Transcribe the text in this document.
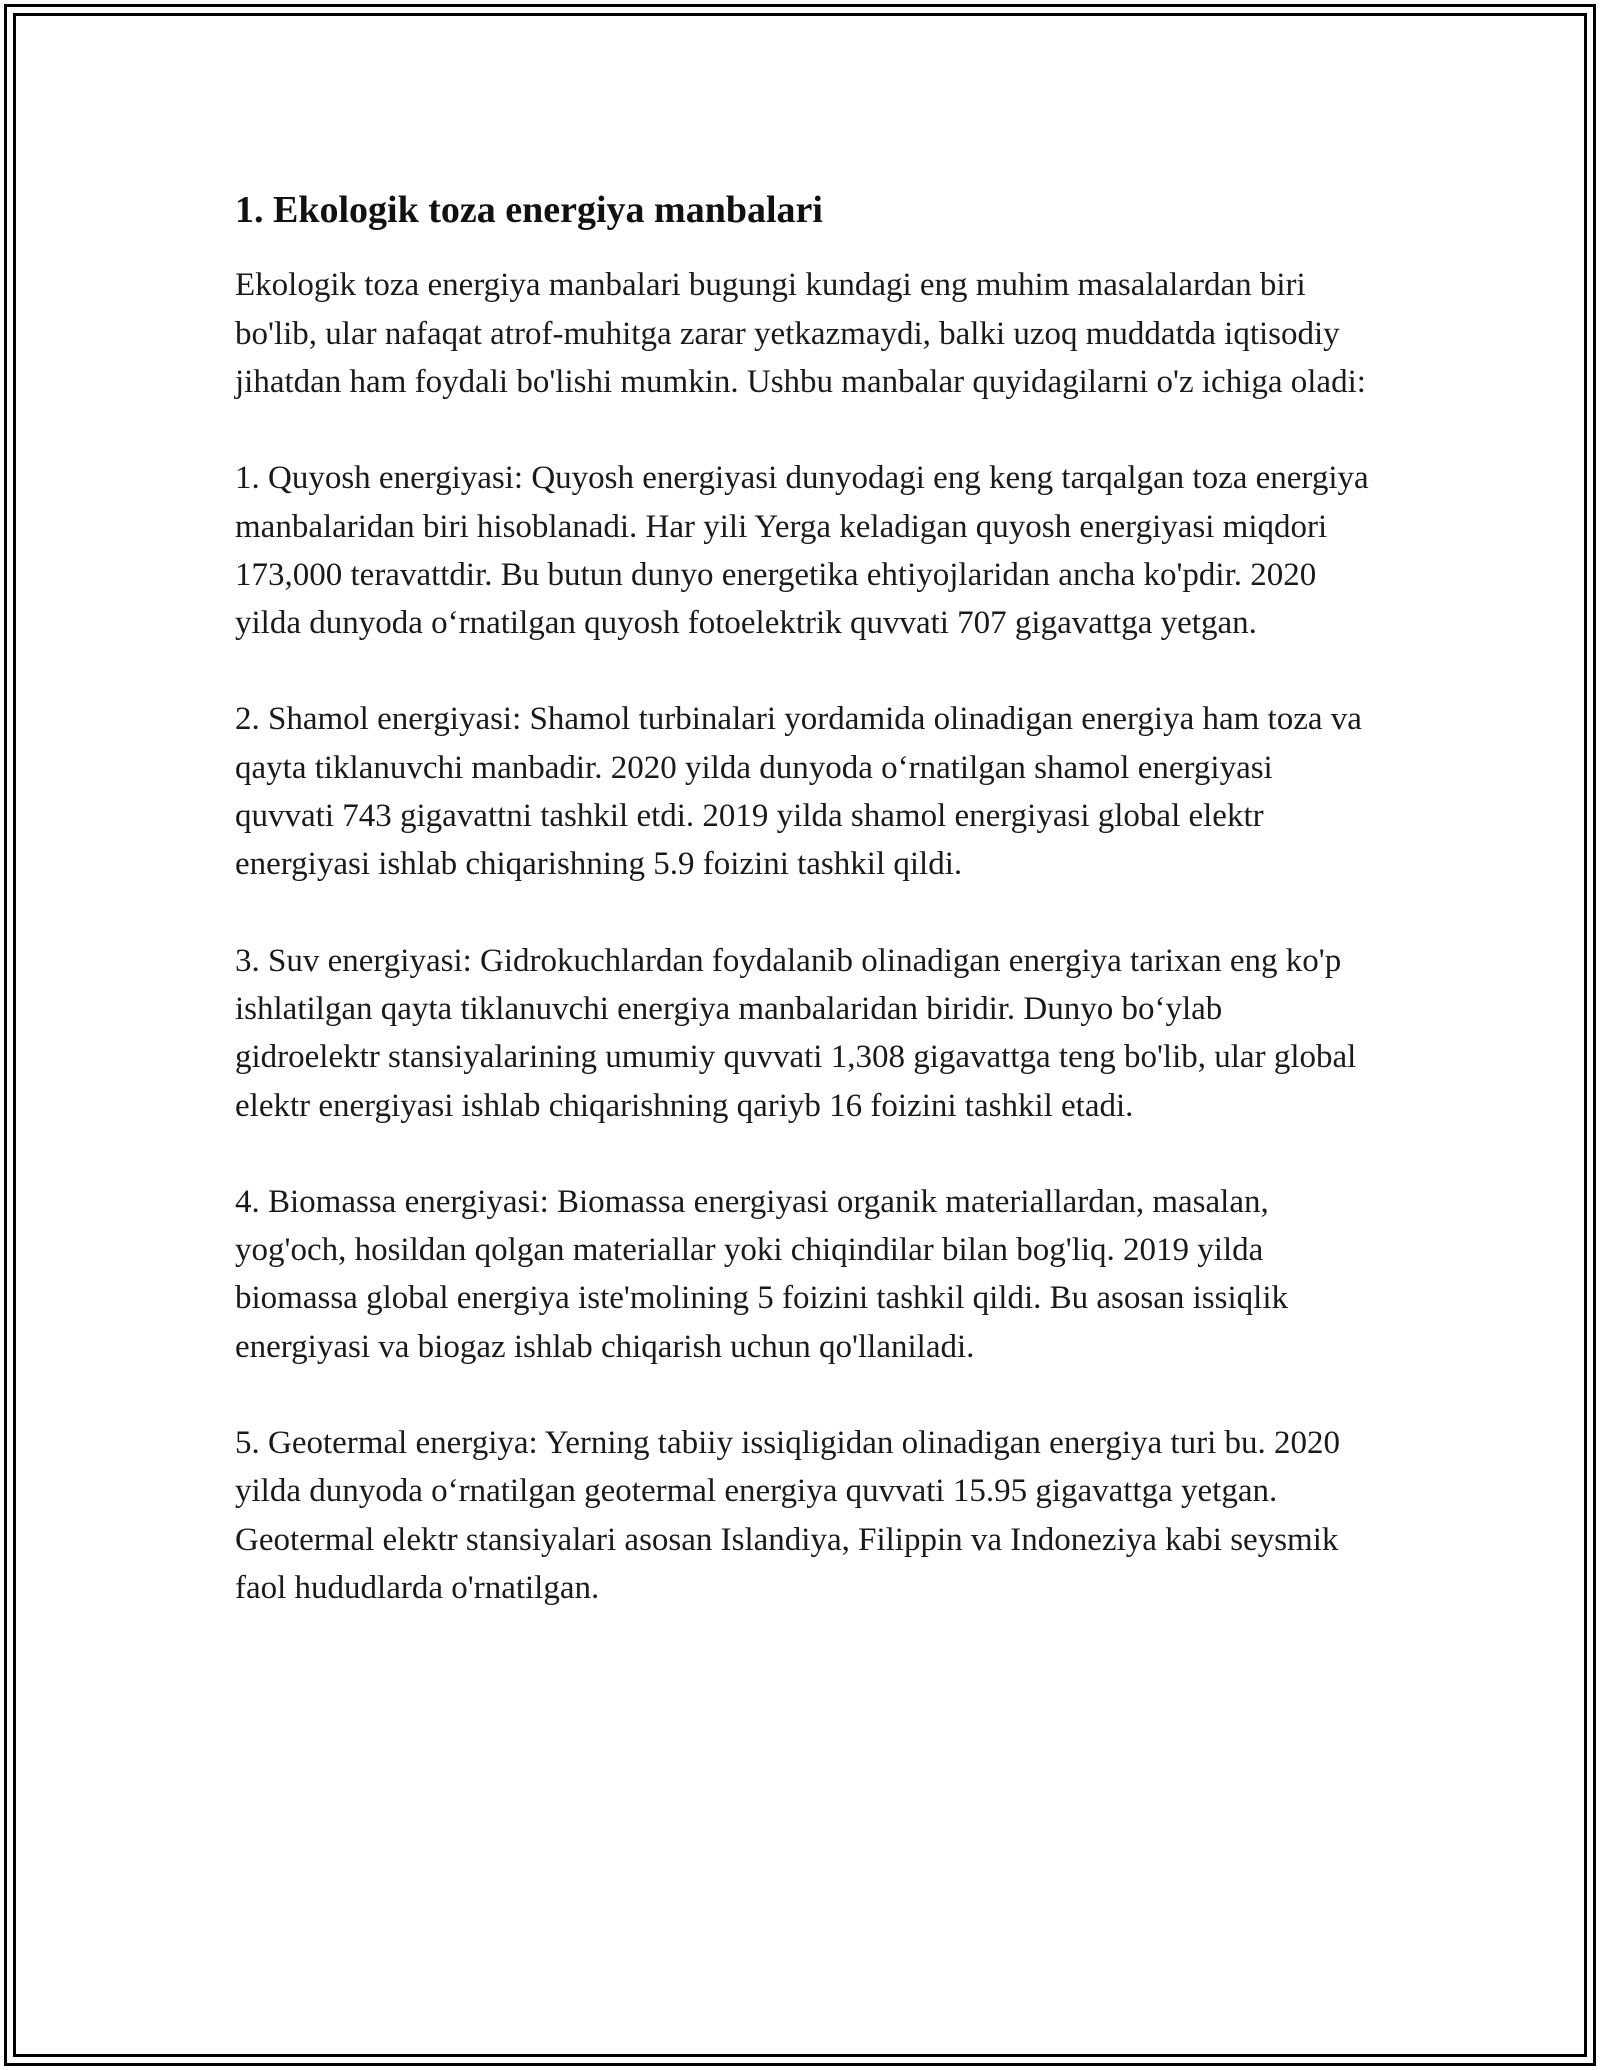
1. Ekologik toza energiya manbalari

Ekologik toza energiya manbalari bugungi kundagi eng muhim masalalardan biri bo'lib, ular nafaqat atrof-muhitga zarar yetkazmaydi, balki uzoq muddatda iqtisodiy jihatdan ham foydali bo'lishi mumkin. Ushbu manbalar quyidagilarni o'z ichiga oladi:

1. Quyosh energiyasi: Quyosh energiyasi dunyodagi eng keng tarqalgan toza energiya manbalaridan biri hisoblanadi. Har yili Yerga keladigan quyosh energiyasi miqdori 173,000 teravattdir. Bu butun dunyo energetika ehtiyojlaridan ancha ko'pdir. 2020 yilda dunyoda o‘rnatilgan quyosh fotoelektrik quvvati 707 gigavattga yetgan.

2. Shamol energiyasi: Shamol turbinalari yordamida olinadigan energiya ham toza va qayta tiklanuvchi manbadir. 2020 yilda dunyoda o‘rnatilgan shamol energiyasi quvvati 743 gigavattni tashkil etdi. 2019 yilda shamol energiyasi global elektr energiyasi ishlab chiqarishning 5.9 foizini tashkil qildi.

3. Suv energiyasi: Gidrokuchlardan foydalanib olinadigan energiya tarixan eng ko'p ishlatilgan qayta tiklanuvchi energiya manbalaridan biridir. Dunyo bo‘ylab gidroelektr stansiyalarining umumiy quvvati 1,308 gigavattga teng bo'lib, ular global elektr energiyasi ishlab chiqarishning qariyb 16 foizini tashkil etadi.

4. Biomassa energiyasi: Biomassa energiyasi organik materiallardan, masalan, yog'och, hosildan qolgan materiallar yoki chiqindilar bilan bog'liq. 2019 yilda biomassa global energiya iste'molining 5 foizini tashkil qildi. Bu asosan issiqlik energiyasi va biogaz ishlab chiqarish uchun qo'llaniladi.

5. Geotermal energiya: Yerning tabiiy issiqligidan olinadigan energiya turi bu. 2020 yilda dunyoda o‘rnatilgan geotermal energiya quvvati 15.95 gigavattga yetgan. Geotermal elektr stansiyalari asosan Islandiya, Filippin va Indoneziya kabi seysmik faol hududlarda o'rnatilgan.
